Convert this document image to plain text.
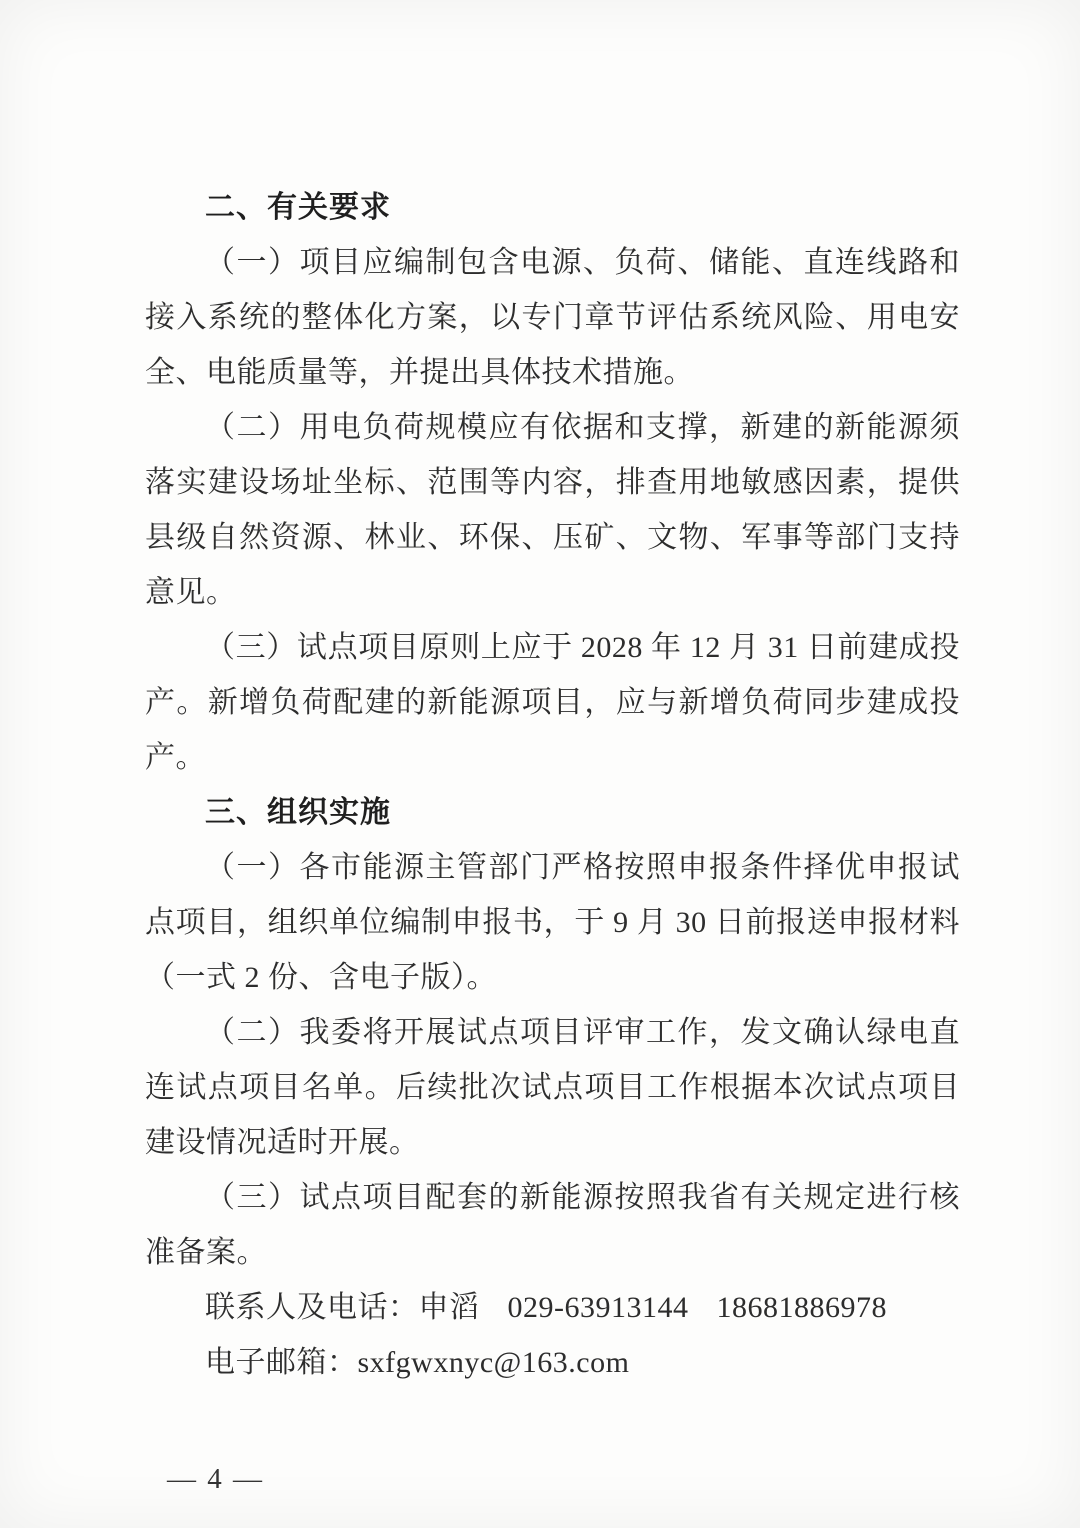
二、有关要求

（一）项目应编制包含电源、负荷、储能、直连线路和接入系统的整体化方案，以专门章节评估系统风险、用电安全、电能质量等，并提出具体技术措施。

（二）用电负荷规模应有依据和支撑，新建的新能源须落实建设场址坐标、范围等内容，排查用地敏感因素，提供县级自然资源、林业、环保、压矿、文物、军事等部门支持意见。

（三）试点项目原则上应于 2028 年 12 月 31 日前建成投产。新增负荷配建的新能源项目，应与新增负荷同步建成投产。

三、组织实施

（一）各市能源主管部门严格按照申报条件择优申报试点项目，组织单位编制申报书，于 9 月 30 日前报送申报材料（一式 2 份、含电子版）。

（二）我委将开展试点项目评审工作，发文确认绿电直连试点项目名单。后续批次试点项目工作根据本次试点项目建设情况适时开展。

（三）试点项目配套的新能源按照我省有关规定进行核准备案。

联系人及电话：申滔 029-63913144 18681886978

电子邮箱：sxfgwxnyc@163.com

— 4 —
